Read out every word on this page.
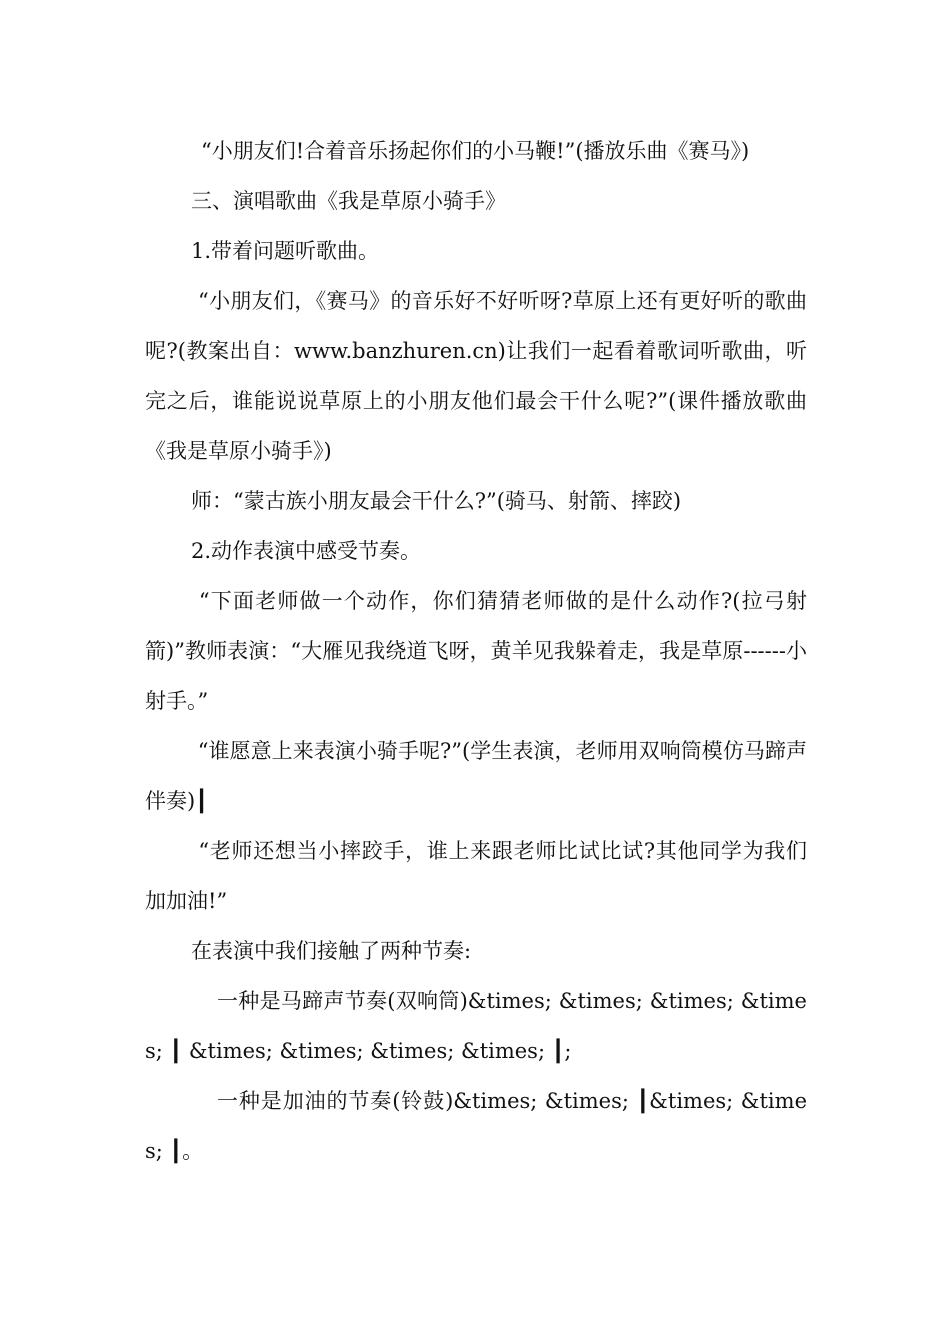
“小朋友们!合着音乐扬起你们的小马鞭!”(播放乐曲《赛马》)

三、演唱歌曲《我是草原小骑手》

1.带着问题听歌曲。

“小朋友们，《赛马》的音乐好不好听呀?草原上还有更好听的歌曲呢?(教案出自：www.banzhuren.cn)让我们一起看着歌词听歌曲，听完之后，谁能说说草原上的小朋友他们最会干什么呢?”(课件播放歌曲《我是草原小骑手》)

师：“蒙古族小朋友最会干什么?”(骑马、射箭、摔跤)

2.动作表演中感受节奏。

“下面老师做一个动作，你们猜猜老师做的是什么动作?(拉弓射箭)”教师表演：“大雁见我绕道飞呀，黄羊见我躲着走，我是草原------小射手。”

“谁愿意上来表演小骑手呢?”(学生表演，老师用双响筒模仿马蹄声伴奏)┃

“老师还想当小摔跤手，谁上来跟老师比试比试?其他同学为我们加加油!”

在表演中我们接触了两种节奏:

一种是马蹄声节奏(双响筒)&times; &times; &times; &times; ┃ &times; &times; &times; &times; ┃;

一种是加油的节奏(铃鼓)&times; &times; ┃&times; &times; ┃。
